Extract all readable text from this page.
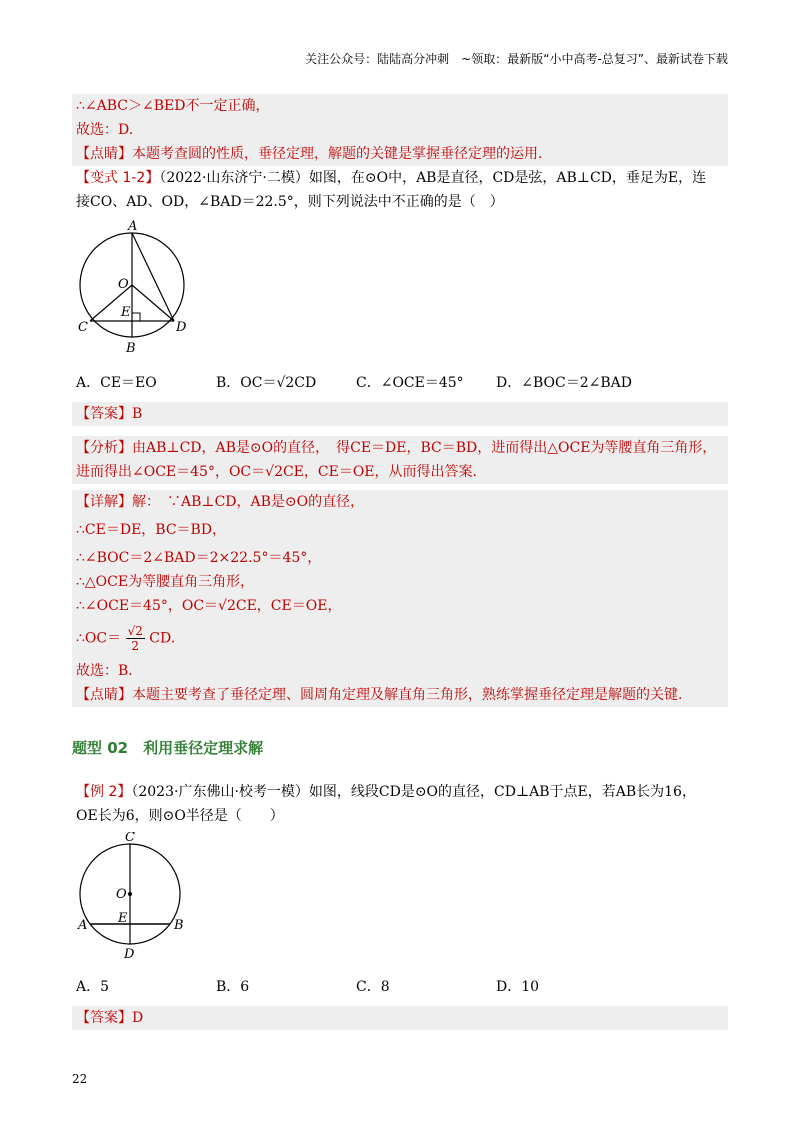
关注公众号：陆陆高分冲刺　~领取：最新版“小中高考-总复习”、最新试卷下载
∴∠ABC＞∠BED不一定正确，
故选：D.
【点睛】本题考查圆的性质，垂径定理，解题的关键是掌握垂径定理的运用.
【变式 1-2】（2022·山东济宁·二模）如图，在⊙O中，AB是直径，CD是弦，AB⊥CD，垂足为E，连
接CO、AD、OD，∠BAD＝22.5°，则下列说法中不正确的是（　）
A
O
E
C
B
D
A．CE＝EO	B．OC＝√2CD	C．∠OCE＝45°	D．∠BOC＝2∠BAD
【答案】B
【分析】由AB⊥CD，AB是⊙O的直径，　得CE＝DE，BC＝BD，进而得出△OCE为等腰直角三角形，
进而得出∠OCE＝45°，OC＝√2CE，CE＝OE，从而得出答案.
【详解】解：　∵AB⊥CD，AB是⊙O的直径，
∴CE＝DE，BC＝BD，
∴∠BOC＝2∠BAD＝2×22.5°＝45°，
∴△OCE为等腰直角三角形，
∴∠OCE＝45°，OC＝√2CE，CE＝OE，
∴OC＝ $\frac{√2}{2}$ CD.
故选：B.
【点睛】本题主要考查了垂径定理、圆周角定理及解直角三角形，熟练掌握垂径定理是解题的关键.
题型 02　利用垂径定理求解
【例 2】（2023·广东佛山·校考一模）如图，线段CD是⊙O的直径，CD⊥AB于点E，若AB长为16，
OE长为6，则⊙O半径是（　　）
C
O
E
A	B
D
A．5	B．6	C．8	D．10
【答案】D
22
